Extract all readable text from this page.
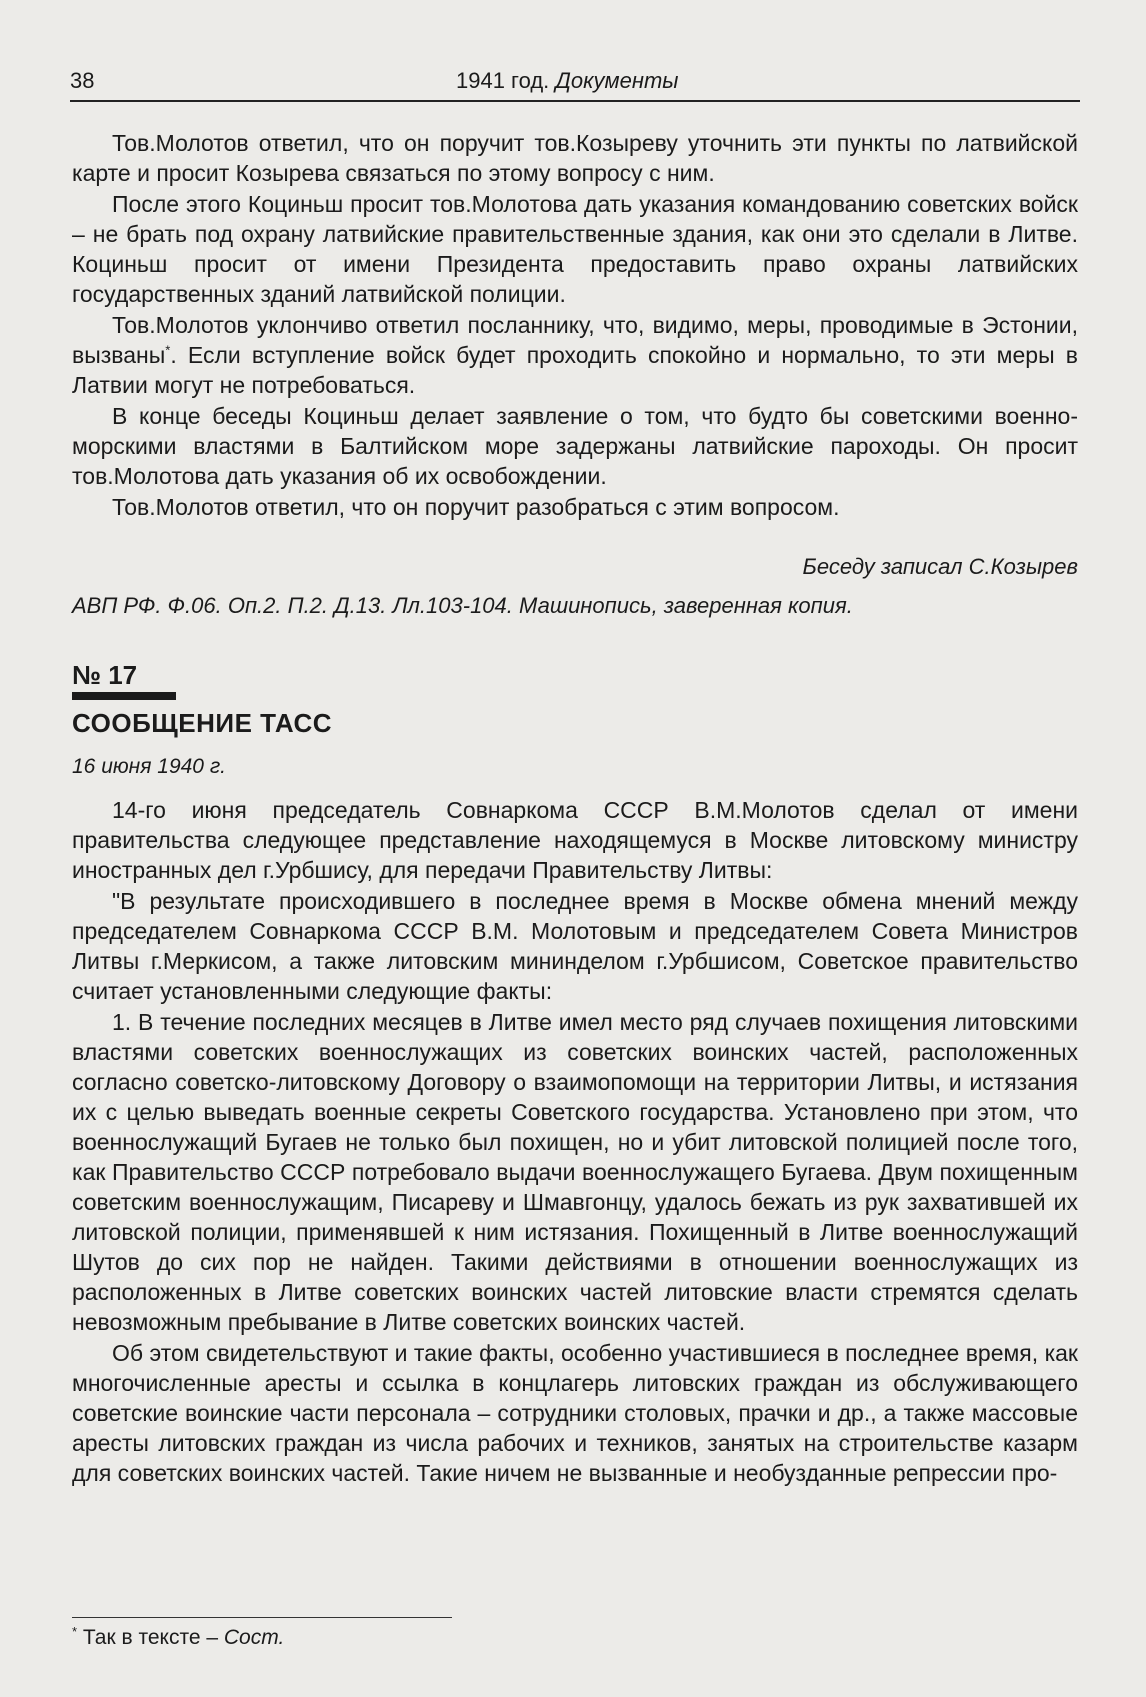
38	1941 год. Документы

Тов.Молотов ответил, что он поручит тов.Козыреву уточнить эти пункты по латвийской карте и просит Козырева связаться по этому вопросу с ним.

После этого Коциньш просит тов.Молотова дать указания командованию советских войск – не брать под охрану латвийские правительственные здания, как они это сделали в Литве. Коциньш просит от имени Президента предоставить право охраны латвийских государственных зданий латвийской полиции.

Тов.Молотов уклончиво ответил посланнику, что, видимо, меры, проводимые в Эстонии, вызваны*. Если вступление войск будет проходить спокойно и нормально, то эти меры в Латвии могут не потребоваться.

В конце беседы Коциньш делает заявление о том, что будто бы советскими военно-морскими властями в Балтийском море задержаны латвийские пароходы. Он просит тов.Молотова дать указания об их освобождении.

Тов.Молотов ответил, что он поручит разобраться с этим вопросом.

Беседу записал С.Козырев
АВП РФ. Ф.06. Оп.2. П.2. Д.13. Лл.103-104. Машинопись, заверенная копия.
№ 17
СООБЩЕНИЕ ТАСС
16 июня 1940 г.

14-го июня председатель Совнаркома СССР В.М.Молотов сделал от имени правительства следующее представление находящемуся в Москве литовскому министру иностранных дел г.Урбшису, для передачи Правительству Литвы:

"В результате происходившего в последнее время в Москве обмена мнений между председателем Совнаркома СССР В.М. Молотовым и председателем Совета Министров Литвы г.Меркисом, а также литовским мининделом г.Урбшисом, Советское правительство считает установленными следующие факты:

1. В течение последних месяцев в Литве имел место ряд случаев похищения литовскими властями советских военнослужащих из советских воинских частей, расположенных согласно советско-литовскому Договору о взаимопомощи на территории Литвы, и истязания их с целью выведать военные секреты Советского государства. Установлено при этом, что военнослужащий Бугаев не только был похищен, но и убит литовской полицией после того, как Правительство СССР потребовало выдачи военнослужащего Бугаева. Двум похищенным советским военнослужащим, Писареву и Шмавгонцу, удалось бежать из рук захватившей их литовской полиции, применявшей к ним истязания. Похищенный в Литве военнослужащий Шутов до сих пор не найден. Такими действиями в отношении военнослужащих из расположенных в Литве советских воинских частей литовские власти стремятся сделать невозможным пребывание в Литве советских воинских частей.

Об этом свидетельствуют и такие факты, особенно участившиеся в последнее время, как многочисленные аресты и ссылка в концлагерь литовских граждан из обслуживающего советские воинские части персонала – сотрудники столовых, прачки и др., а также массовые аресты литовских граждан из числа рабочих и техников, занятых на строительстве казарм для советских воинских частей. Такие ничем не вызванные и необузданные репрессии про-

* Так в тексте – Сост.
